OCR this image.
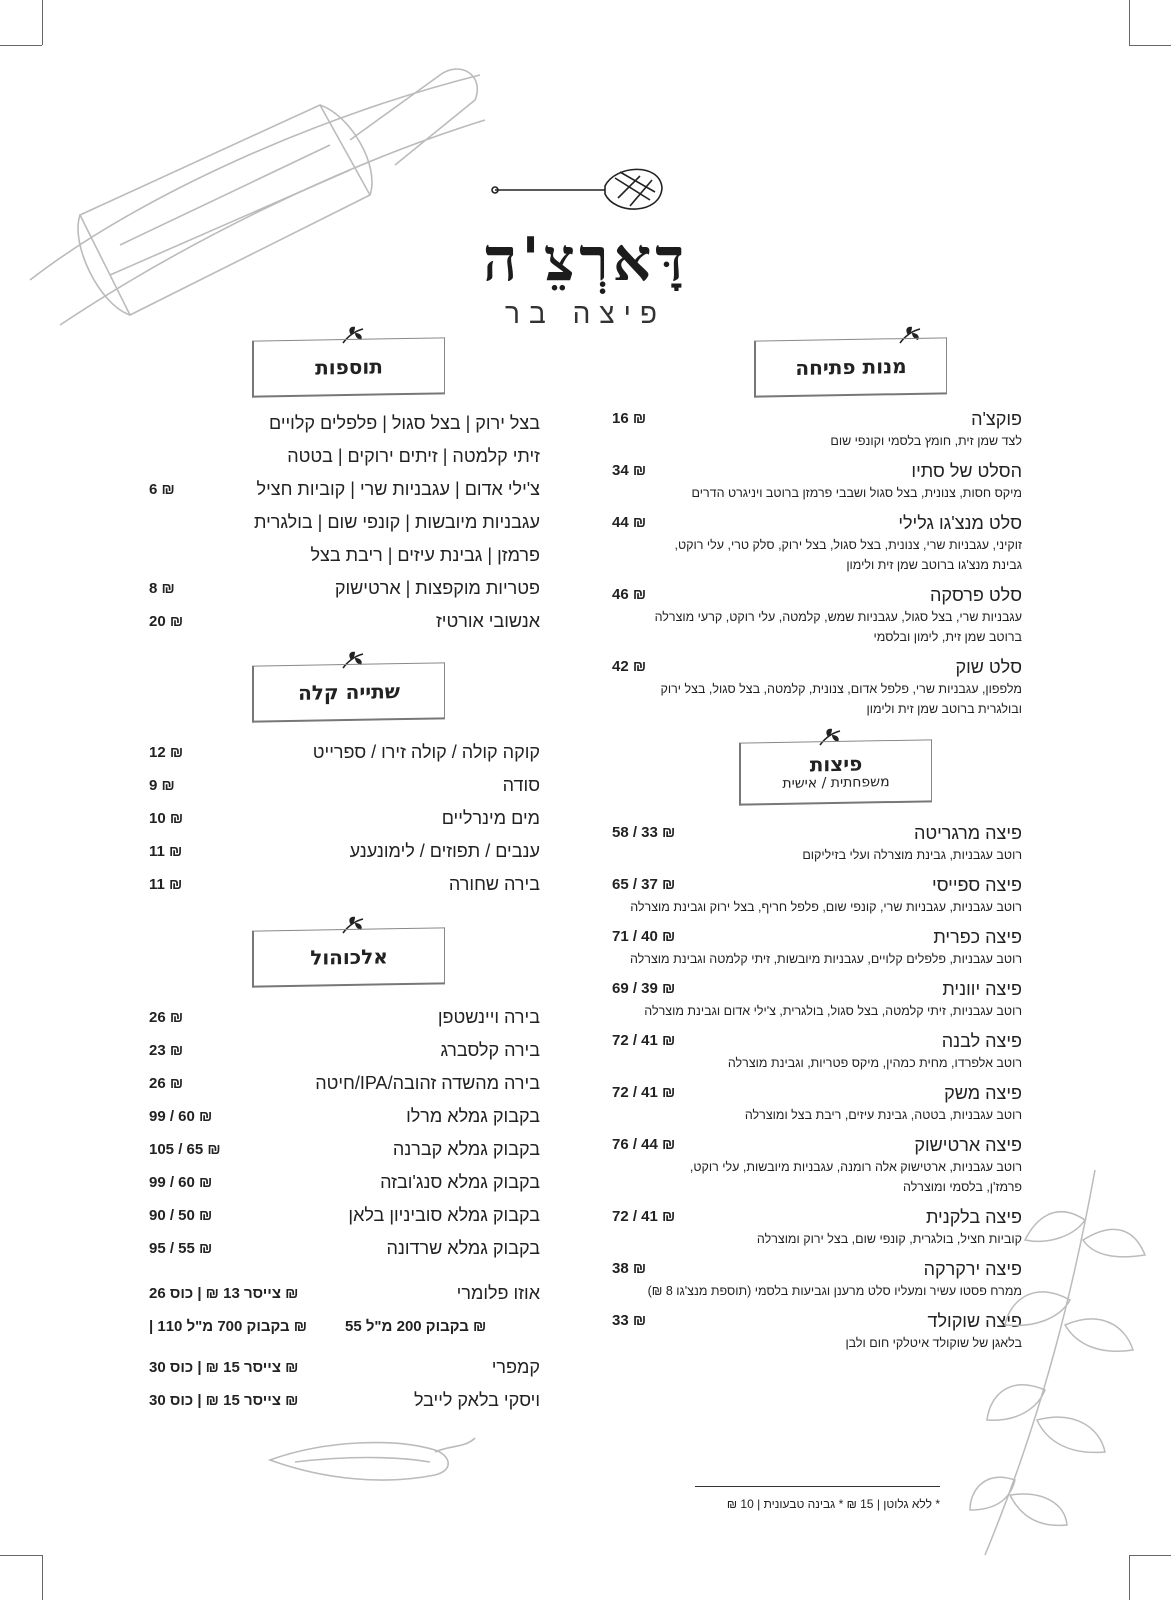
דָּארְצֵ'ה
פיצה בר
מנות פתיחה
פוקצ'ה
16 ₪
לצד שמן זית, חומץ בלסמי וקונפי שום
הסלט של סתיו
34 ₪
מיקס חסות, צנונית, בצל סגול ושבבי פרמזן ברוטב ויניגרט הדרים
סלט מנצ'גו גלילי
44 ₪
זוקיני, עגבניות שרי, צנונית, בצל סגול, בצל ירוק, סלק טרי, עלי רוקט,
גבינת מנצ'גו ברוטב שמן זית ולימון
סלט פרסקה
46 ₪
עגבניות שרי, בצל סגול, עגבניות שמש, קלמטה, עלי רוקט, קרעי מוצרלה
ברוטב שמן זית, לימון ובלסמי
סלט שוק
42 ₪
מלפפון, עגבניות שרי, פלפל אדום, צנונית, קלמטה, בצל סגול, בצל ירוק
ובולגרית ברוטב שמן זית ולימון
פיצות
משפחתית / אישית
פיצה מרגריטה
58 / 33 ₪
רוטב עגבניות, גבינת מוצרלה ועלי בזיליקום
פיצה ספייסי
65 / 37 ₪
רוטב עגבניות, עגבניות שרי, קונפי שום, פלפל חריף, בצל ירוק וגבינת מוצרלה
פיצה כפרית
71 / 40 ₪
רוטב עגבניות, פלפלים קלויים, עגבניות מיובשות, זיתי קלמטה וגבינת מוצרלה
פיצה יוונית
69 / 39 ₪
רוטב עגבניות, זיתי קלמטה, בצל סגול, בולגרית, צ'ילי אדום וגבינת מוצרלה
פיצה לבנה
72 / 41 ₪
רוטב אלפרדו, מחית כמהין, מיקס פטריות, וגבינת מוצרלה
פיצה משק
72 / 41 ₪
רוטב עגבניות, בטטה, גבינת עיזים, ריבת בצל ומוצרלה
פיצה ארטישוק
76 / 44 ₪
רוטב עגבניות, ארטישוק אלה רומנה, עגבניות מיובשות, עלי רוקט,
פרמז'ן, בלסמי ומוצרלה
פיצה בלקנית
72 / 41 ₪
קוביות חציל, בולגרית, קונפי שום, בצל ירוק ומוצרלה
פיצה ירקרקה
38 ₪
ממרח פסטו עשיר ומעליו סלט מרענן וגביעות בלסמי (תוספת מנצ'גו 8 ₪)
פיצה שוקולד
33 ₪
בלאגן של שוקולד איטלקי חום ולבן
* ללא גלוטן | 15 ₪ * גבינה טבעונית | 10 ₪
תוספות
בצל ירוק | בצל סגול | פלפלים קלויים
זיתי קלמטה | זיתים ירוקים | בטטה
צ'ילי אדום | עגבניות שרי | קוביות חציל
6 ₪
עגבניות מיובשות | קונפי שום | בולגרית
פרמזן | גבינת עיזים | ריבת בצל
פטריות מוקפצות | ארטישוק
8 ₪
אנשובי אורטיז
20 ₪
שתייה קלה
קוקה קולה / קולה זירו / ספרייט
12 ₪
סודה
9 ₪
מים מינרליים
10 ₪
ענבים / תפוזים / לימונענע
11 ₪
בירה שחורה
11 ₪
אלכוהול
בירה ויינשטפן
26 ₪
בירה קלסברג
23 ₪
בירה מהשדה זהובה/IPA/חיטה
26 ₪
בקבוק גמלא מרלו
99 / 60 ₪
בקבוק גמלא קברנה
105 / 65 ₪
בקבוק גמלא סנג'ובזה
99 / 60 ₪
בקבוק גמלא סוביניון בלאן
90 / 50 ₪
בקבוק גמלא שרדונה
95 / 55 ₪
אוזו פלומרי
צייסר 13 ₪ | כוס 26 ₪
בקבוק 200 מ"ל 55 ₪
| בקבוק 700 מ"ל 110 ₪
קמפרי
צייסר 15 ₪ | כוס 30 ₪
ויסקי בלאק לייבל
צייסר 15 ₪ | כוס 30 ₪
